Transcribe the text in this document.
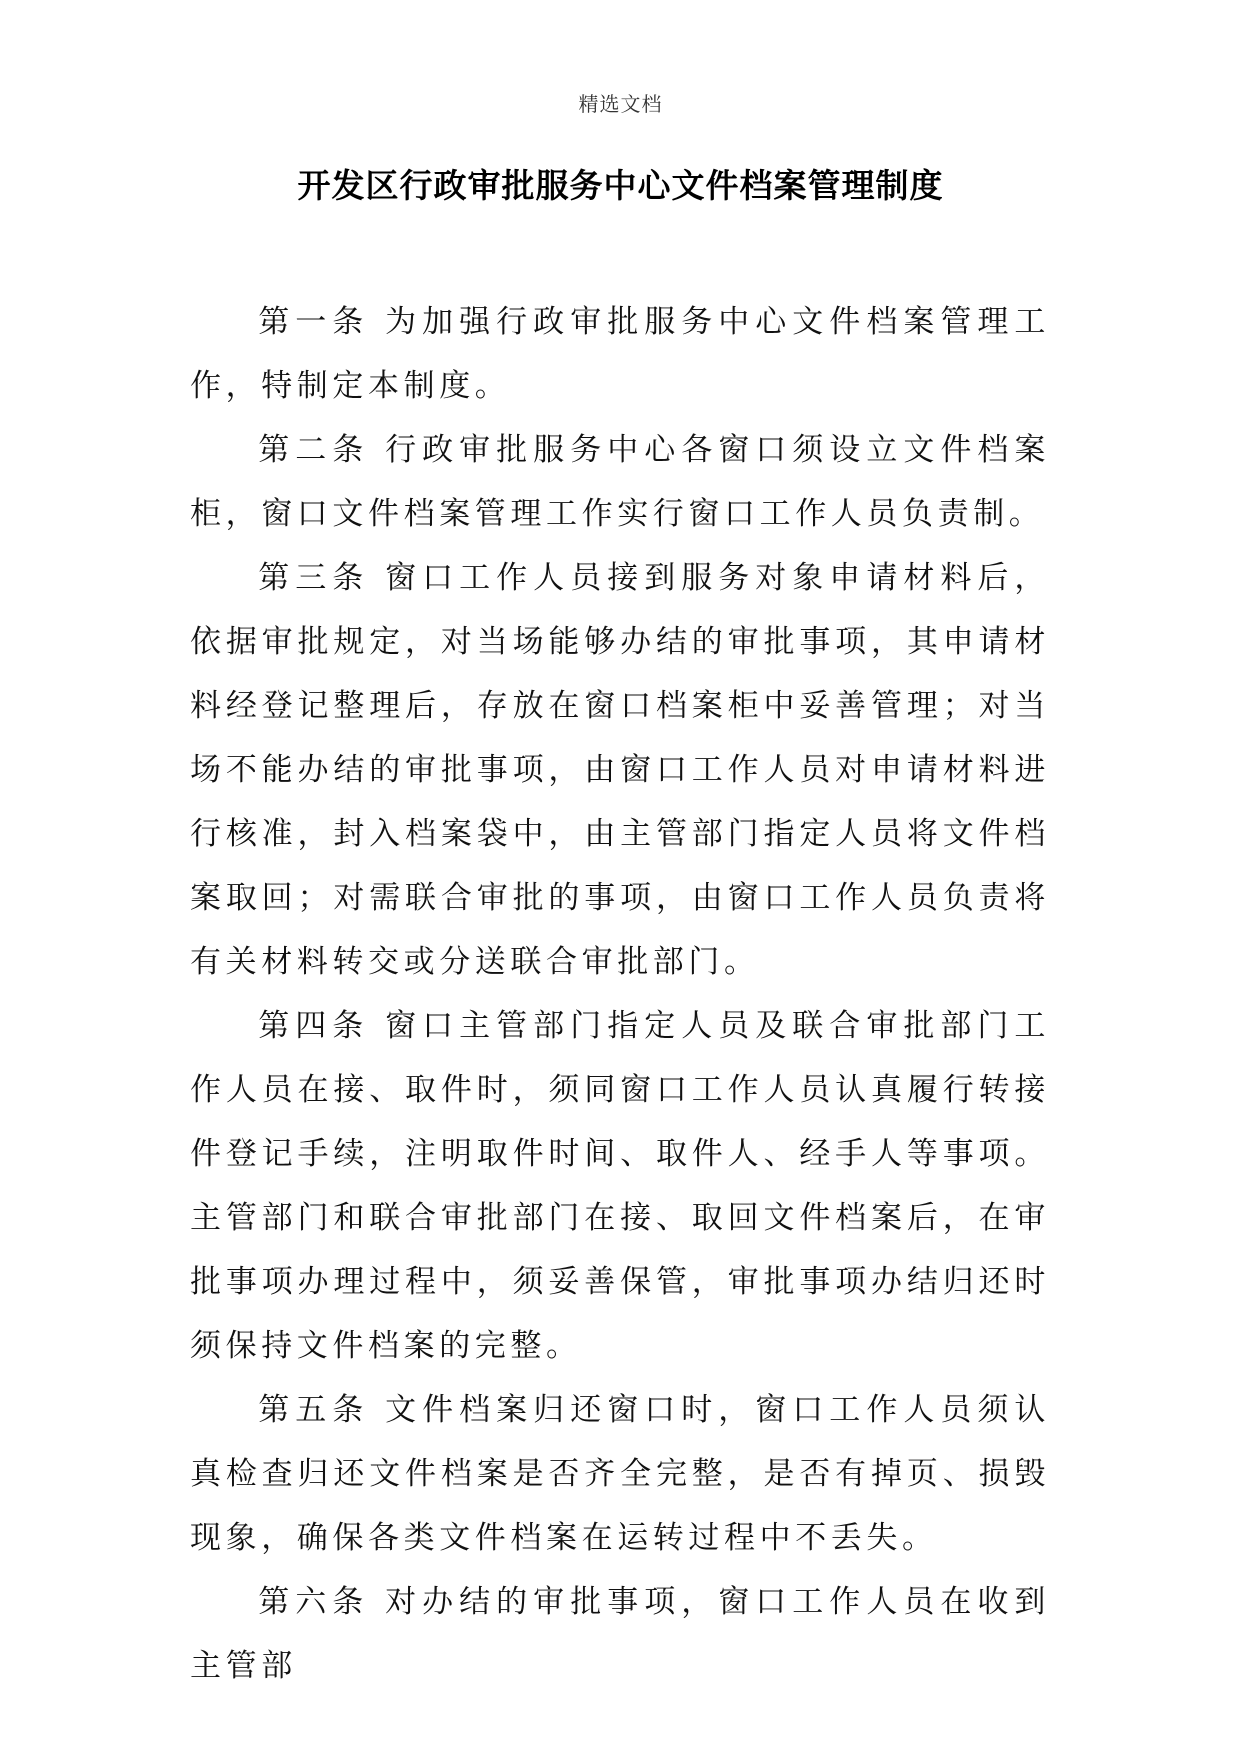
精选文档
开发区行政审批服务中心文件档案管理制度

第一条 为加强行政审批服务中心文件档案管理工作，特制定本制度。

第二条 行政审批服务中心各窗口须设立文件档案柜，窗口文件档案管理工作实行窗口工作人员负责制。

第三条 窗口工作人员接到服务对象申请材料后，依据审批规定，对当场能够办结的审批事项，其申请材料经登记整理后，存放在窗口档案柜中妥善管理；对当场不能办结的审批事项，由窗口工作人员对申请材料进行核准，封入档案袋中，由主管部门指定人员将文件档案取回；对需联合审批的事项，由窗口工作人员负责将有关材料转交或分送联合审批部门。

第四条 窗口主管部门指定人员及联合审批部门工作人员在接、取件时，须同窗口工作人员认真履行转接件登记手续，注明取件时间、取件人、经手人等事项。主管部门和联合审批部门在接、取回文件档案后，在审批事项办理过程中，须妥善保管，审批事项办结归还时须保持文件档案的完整。

第五条 文件档案归还窗口时，窗口工作人员须认真检查归还文件档案是否齐全完整，是否有掉页、损毁现象，确保各类文件档案在运转过程中不丢失。

第六条 对办结的审批事项，窗口工作人员在收到主管部
